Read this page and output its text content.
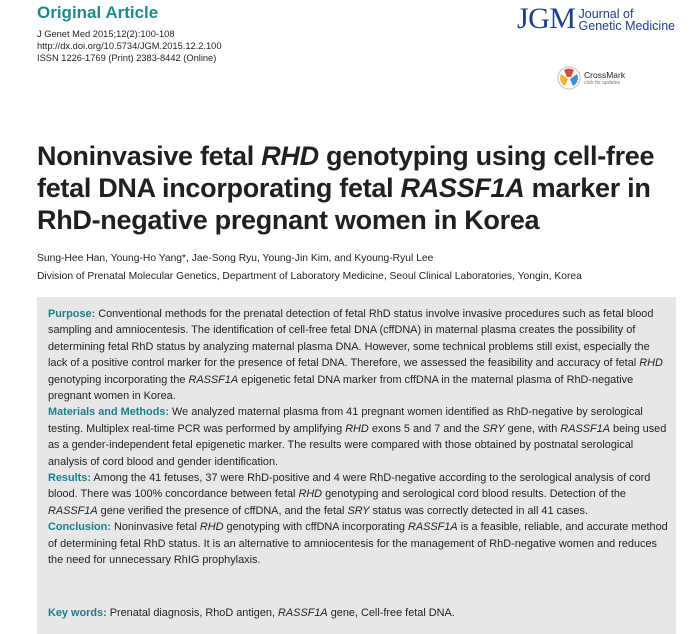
Original Article
J Genet Med 2015;12(2):100-108
http://dx.doi.org/10.5734/JGM.2015.12.2.100
ISSN 1226-1769 (Print) 2383-8442 (Online)
JGM Journal of
Genetic Medicine
CrossMark
click for updates
Noninvasive fetal RHD genotyping using cell-free fetal DNA incorporating fetal RASSF1A marker in RhD-negative pregnant women in Korea
Sung-Hee Han, Young-Ho Yang*, Jae-Song Ryu, Young-Jin Kim, and Kyoung-Ryul Lee
Division of Prenatal Molecular Genetics, Department of Laboratory Medicine, Seoul Clinical Laboratories, Yongin, Korea
Purpose: Conventional methods for the prenatal detection of fetal RhD status involve invasive procedures such as fetal blood sampling and amniocentesis. The identification of cell-free fetal DNA (cffDNA) in maternal plasma creates the possibility of determining fetal RhD status by analyzing maternal plasma DNA. However, some technical problems still exist, especially the lack of a positive control marker for the presence of fetal DNA. Therefore, we assessed the feasibility and accuracy of fetal RHD genotyping incorporating the RASSF1A epigenetic fetal DNA marker from cffDNA in the maternal plasma of RhD-negative pregnant women in Korea.
Materials and Methods: We analyzed maternal plasma from 41 pregnant women identified as RhD-negative by serological testing. Multiplex real-time PCR was performed by amplifying RHD exons 5 and 7 and the SRY gene, with RASSF1A being used as a gender-independent fetal epigenetic marker. The results were compared with those obtained by postnatal serological analysis of cord blood and gender identification.
Results: Among the 41 fetuses, 37 were RhD-positive and 4 were RhD-negative according to the serological analysis of cord blood. There was 100% concordance between fetal RHD genotyping and serological cord blood results. Detection of the RASSF1A gene verified the presence of cffDNA, and the fetal SRY status was correctly detected in all 41 cases.
Conclusion: Noninvasive fetal RHD genotyping with cffDNA incorporating RASSF1A is a feasible, reliable, and accurate method of determining fetal RhD status. It is an alternative to amniocentesis for the management of RhD-negative women and reduces the need for unnecessary RhIG prophylaxis.
Key words: Prenatal diagnosis, RhoD antigen, RASSF1A gene, Cell-free fetal DNA.
